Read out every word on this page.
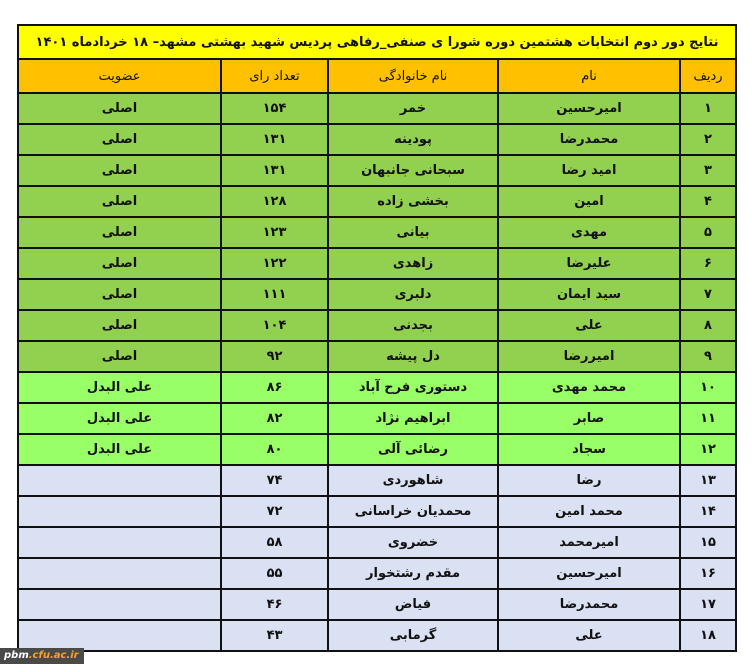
نتایج دور دوم انتخابات هشتمین دوره شورا ی صنفی_رفاهی پردیس شهید بهشتی مشهد– ۱۸ خردادماه ۱۴۰۱				
ردیف	نام	نام خانوادگی	تعداد رای	عضویت
۱	امیرحسین	خمر	۱۵۴	اصلی
۲	محمدرضا	پودینه	۱۳۱	اصلی
۳	امید رضا	سبحانی جانبهان	۱۳۱	اصلی
۴	امین	بخشی زاده	۱۲۸	اصلی
۵	مهدی	بیانی	۱۲۳	اصلی
۶	علیرضا	زاهدی	۱۲۲	اصلی
۷	سید ایمان	دلبری	۱۱۱	اصلی
۸	علی	بجدنی	۱۰۴	اصلی
۹	امیررضا	دل پیشه	۹۲	اصلی
۱۰	محمد مهدی	دستوری فرح آباد	۸۶	علی البدل
۱۱	صابر	ابراهیم نژاد	۸۲	علی البدل
۱۲	سجاد	رضائی آلی	۸۰	علی البدل
۱۳	رضا	شاهوردی	۷۴	
۱۴	محمد امین	محمدیان خراسانی	۷۲	
۱۵	امیرمحمد	خضروی	۵۸	
۱۶	امیرحسین	مقدم رشتخوار	۵۵	
۱۷	محمدرضا	فیاض	۴۶	
۱۸	علی	گرمابی	۴۳	
pbm.cfu.ac.ir
